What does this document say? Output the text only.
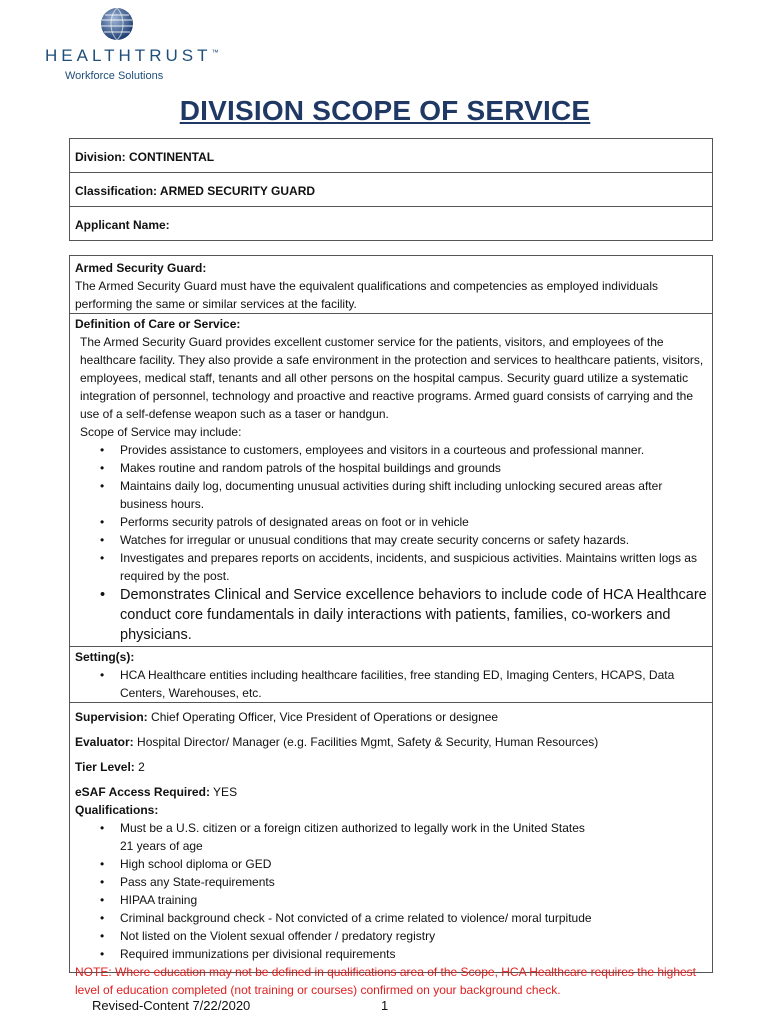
HEALTHTRUST™
Workforce Solutions
DIVISION SCOPE OF SERVICE
Division: CONTINENTAL
Classification: ARMED SECURITY GUARD
Applicant Name:
Armed Security Guard:
The Armed Security Guard must have the equivalent qualifications and competencies as employed individuals performing the same or similar services at the facility.
Definition of Care or Service:
The Armed Security Guard provides excellent customer service for the patients, visitors, and employees of the healthcare facility. They also provide a safe environment in the protection and services to healthcare patients, visitors, employees, medical staff, tenants and all other persons on the hospital campus. Security guard utilize a systematic integration of personnel, technology and proactive and reactive programs. Armed guard consists of carrying and the use of a self-defense weapon such as a taser or handgun.
Scope of Service may include:
• Provides assistance to customers, employees and visitors in a courteous and professional manner.
• Makes routine and random patrols of the hospital buildings and grounds
• Maintains daily log, documenting unusual activities during shift including unlocking secured areas after business hours.
• Performs security patrols of designated areas on foot or in vehicle
• Watches for irregular or unusual conditions that may create security concerns or safety hazards.
• Investigates and prepares reports on accidents, incidents, and suspicious activities. Maintains written logs as required by the post.
• Demonstrates Clinical and Service excellence behaviors to include code of HCA Healthcare conduct core fundamentals in daily interactions with patients, families, co-workers and physicians.
Setting(s):
• HCA Healthcare entities including healthcare facilities, free standing ED, Imaging Centers, HCAPS, Data Centers, Warehouses, etc.
Supervision: Chief Operating Officer, Vice President of Operations or designee
Evaluator: Hospital Director/ Manager (e.g. Facilities Mgmt, Safety & Security, Human Resources)
Tier Level: 2
eSAF Access Required: YES
Qualifications:
• Must be a U.S. citizen or a foreign citizen authorized to legally work in the United States
21 years of age
• High school diploma or GED
• Pass any State-requirements
• HIPAA training
• Criminal background check - Not convicted of a crime related to violence/ moral turpitude
• Not listed on the Violent sexual offender / predatory registry
• Required immunizations per divisional requirements
NOTE: Where education may not be defined in qualifications area of the Scope, HCA Healthcare requires the highest level of education completed (not training or courses) confirmed on your background check.
Revised-Content 7/22/2020	1
